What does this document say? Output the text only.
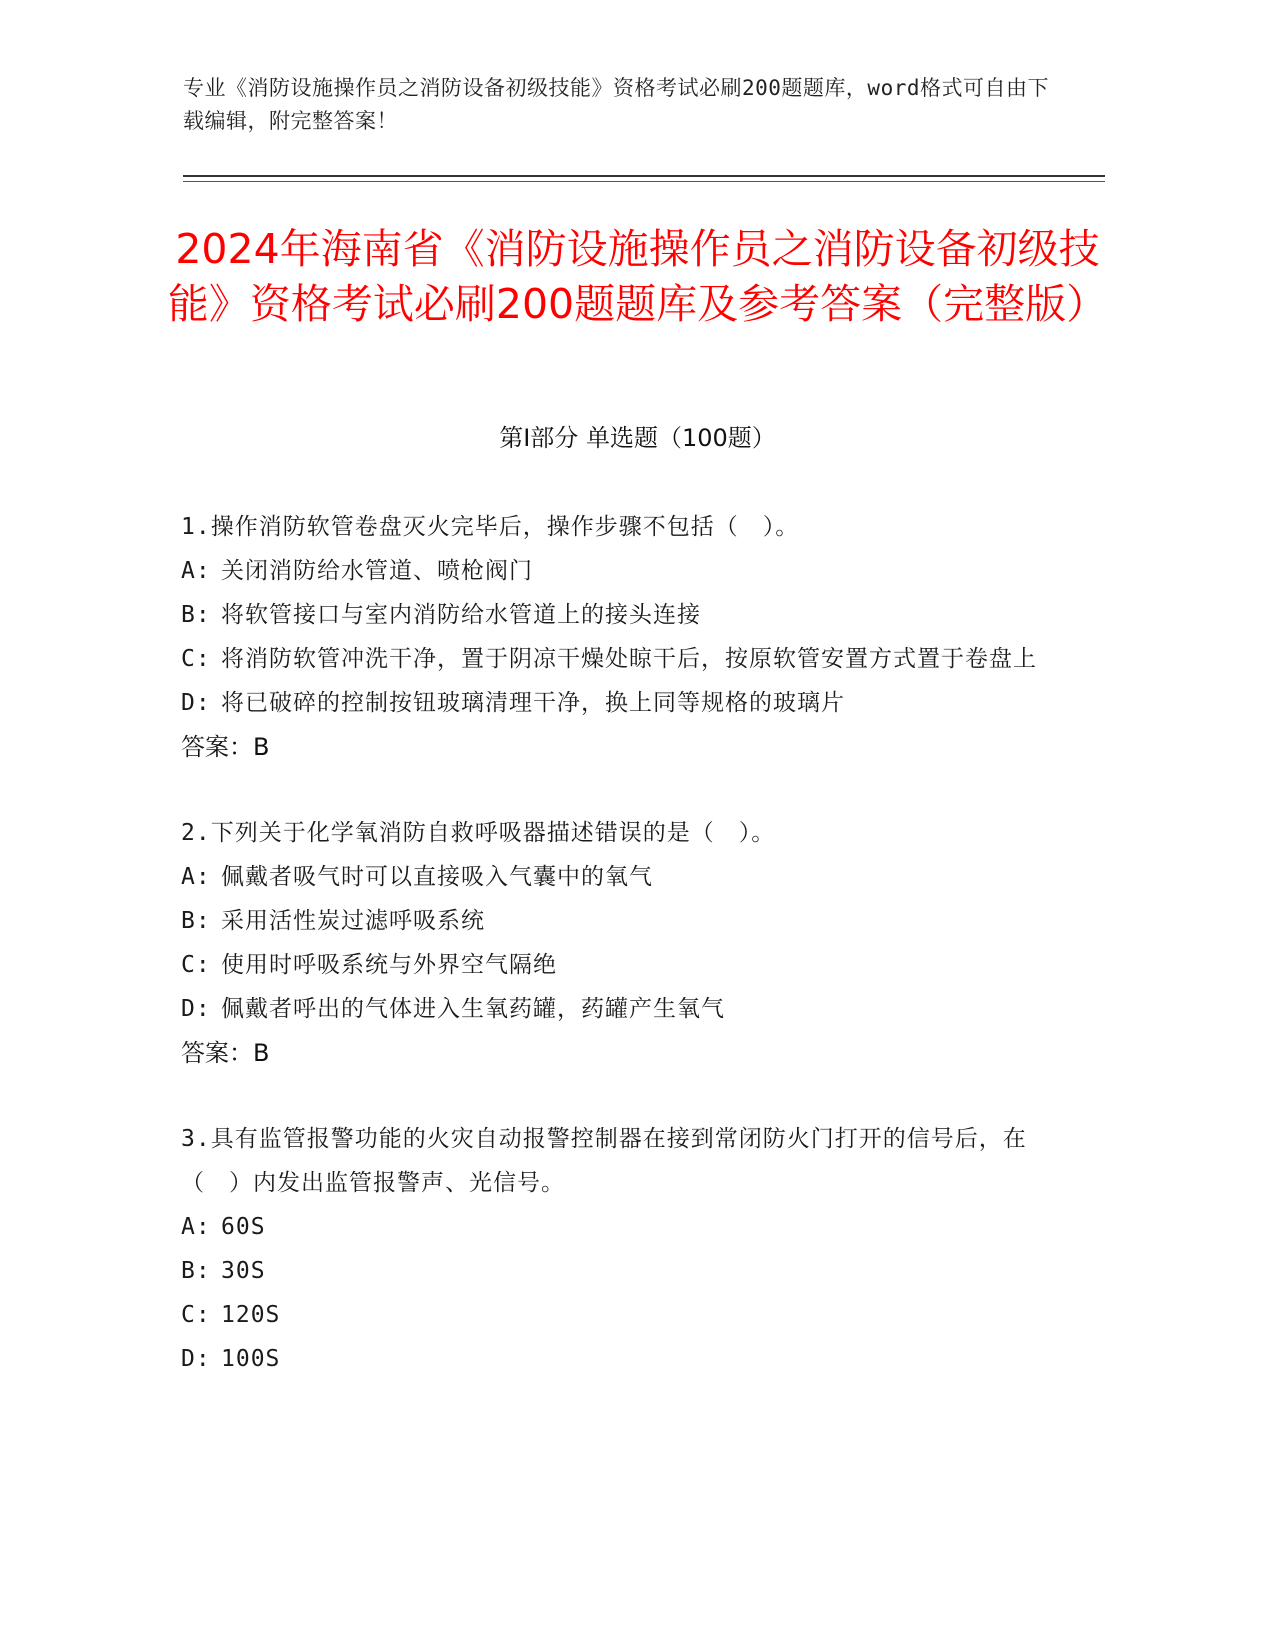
专业《消防设施操作员之消防设备初级技能》资格考试必刷200题题库，word格式可自由下载编辑，附完整答案！
2024年海南省《消防设施操作员之消防设备初级技能》资格考试必刷200题题库及参考答案（完整版）
第I部分 单选题（100题）
1.操作消防软管卷盘灭火完毕后，操作步骤不包括（　）。
A: 关闭消防给水管道、喷枪阀门
B: 将软管接口与室内消防给水管道上的接头连接
C: 将消防软管冲洗干净，置于阴凉干燥处晾干后，按原软管安置方式置于卷盘上
D: 将已破碎的控制按钮玻璃清理干净，换上同等规格的玻璃片
答案：B
2.下列关于化学氧消防自救呼吸器描述错误的是（　）。
A: 佩戴者吸气时可以直接吸入气囊中的氧气
B: 采用活性炭过滤呼吸系统
C: 使用时呼吸系统与外界空气隔绝
D: 佩戴者呼出的气体进入生氧药罐，药罐产生氧气
答案：B
3.具有监管报警功能的火灾自动报警控制器在接到常闭防火门打开的信号后，在（　）内发出监管报警声、光信号。
A: 60S
B: 30S
C: 120S
D: 100S
